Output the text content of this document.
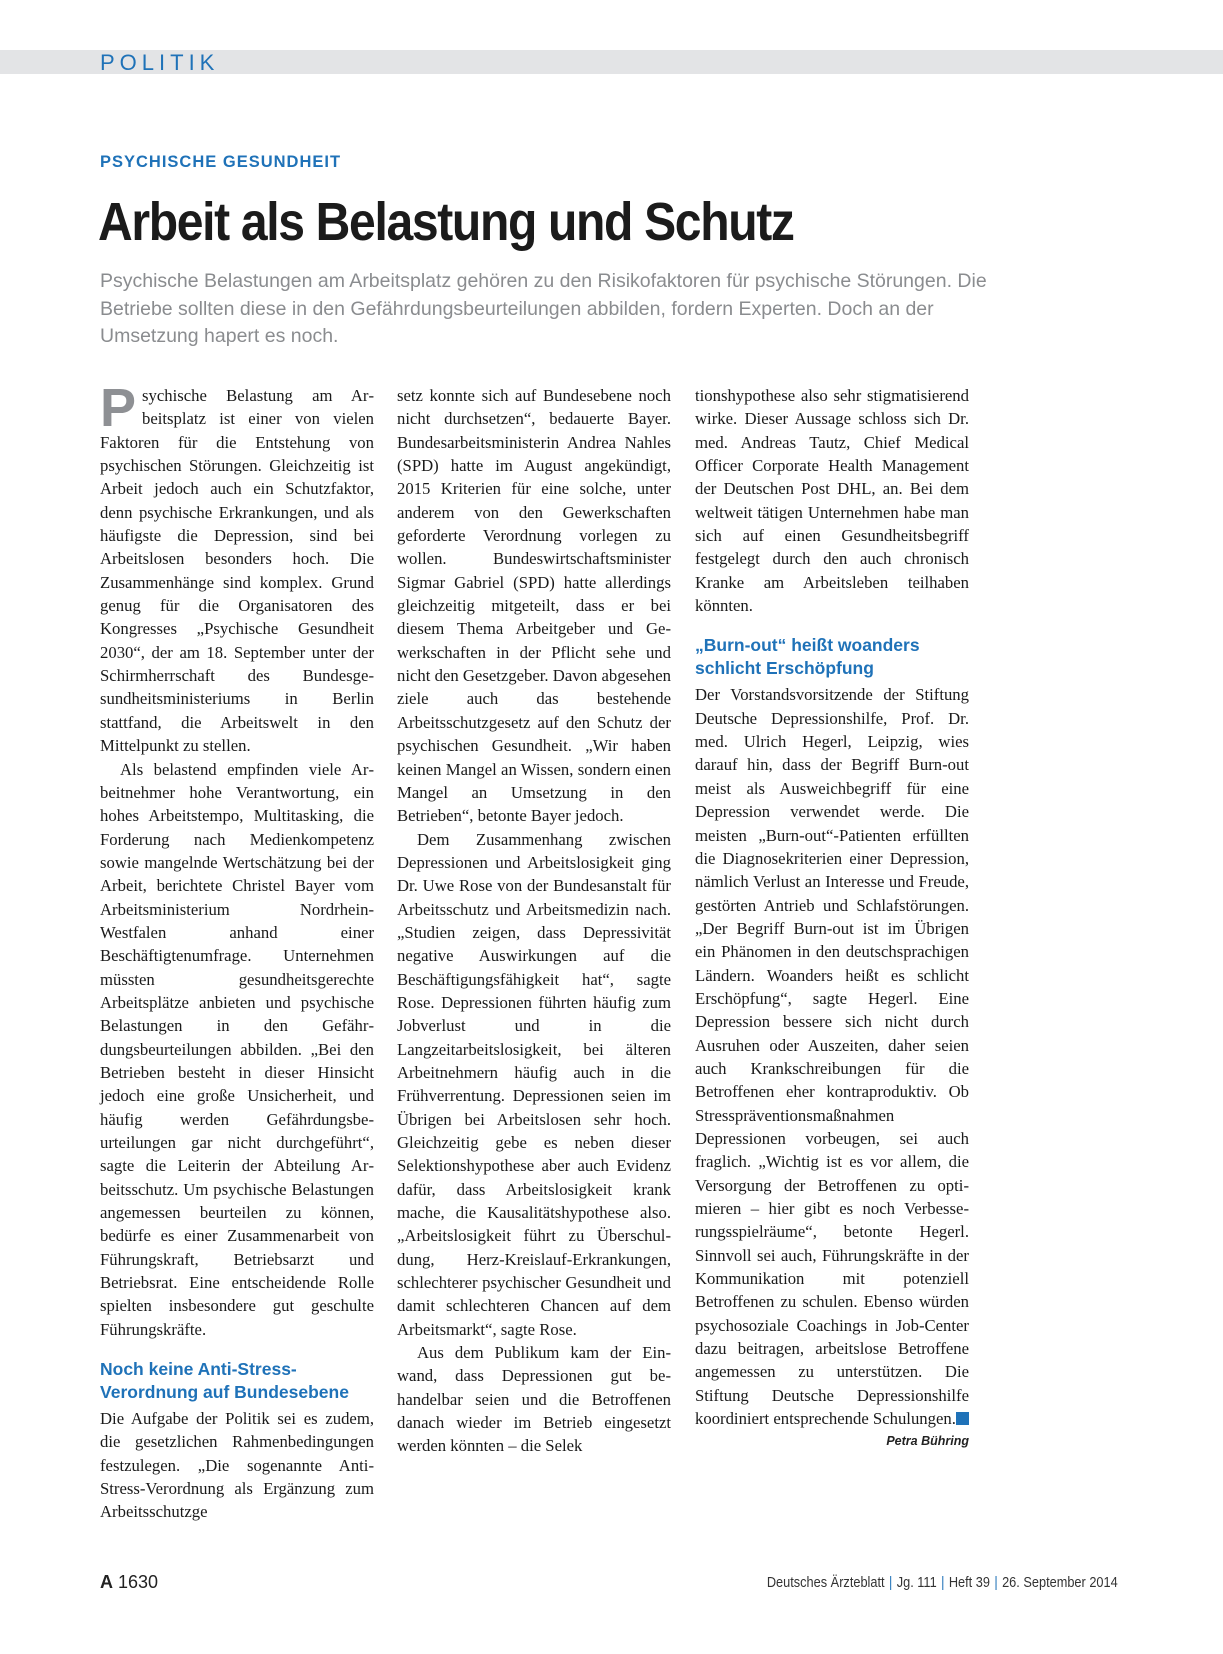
POLITIK
PSYCHISCHE GESUNDHEIT
Arbeit als Belastung und Schutz
Psychische Belastungen am Arbeitsplatz gehören zu den Risikofaktoren für psychische Störungen. Die Betriebe sollten diese in den Gefährdungsbeurteilungen abbilden, fordern Experten. Doch an der Umsetzung hapert es noch.

Psychische Belastung am Arbeitsplatz ist einer von vielen Faktoren für die Entstehung von psychischen Störungen. Gleichzeitig ist Arbeit jedoch auch ein Schutzfaktor, denn psychische Erkrankungen, und als häufigste die Depression, sind bei Arbeitslosen besonders hoch. Die Zusammenhänge sind komplex. Grund genug für die Organisatoren des Kongresses „Psychische Gesundheit 2030“, der am 18. September unter der Schirmherrschaft des Bundesgesundheitsministeriums in Berlin stattfand, die Arbeitswelt in den Mittelpunkt zu stellen.

Als belastend empfinden viele Arbeitnehmer hohe Verantwortung, ein hohes Arbeitstempo, Multitasking, die Forderung nach Medienkompetenz sowie mangelnde Wertschätzung bei der Arbeit, berichtete Christel Bayer vom Arbeitsministerium Nordrhein-Westfalen anhand einer Beschäftigtenumfrage. Unternehmen müssten gesundheitsgerechte Arbeitsplätze anbieten und psychische Belastungen in den Gefährdungsbeurteilungen abbilden. „Bei den Betrieben besteht in dieser Hinsicht jedoch eine große Unsicherheit, und häufig werden Gefährdungsbeurteilungen gar nicht durchgeführt“, sagte die Leiterin der Abteilung Arbeitsschutz. Um psychische Belastungen angemessen beurteilen zu können, bedürfe es einer Zusammenarbeit von Führungskraft, Betriebsarzt und Betriebsrat. Eine entscheidende Rolle spielten insbesondere gut geschulte Führungskräfte.

Noch keine Anti-Stress-Verordnung auf Bundesebene

Die Aufgabe der Politik sei es zudem, die gesetzlichen Rahmenbedingungen festzulegen. „Die sogenannte Anti-Stress-Verordnung als Ergänzung zum Arbeitsschutzge

setz konnte sich auf Bundesebene noch nicht durchsetzen“, bedauerte Bayer. Bundesarbeitsministerin Andrea Nahles (SPD) hatte im August angekündigt, 2015 Kriterien für eine solche, unter anderem von den Gewerkschaften geforderte Verordnung vorlegen zu wollen. Bundeswirtschaftsminister Sigmar Gabriel (SPD) hatte allerdings gleichzeitig mitgeteilt, dass er bei diesem Thema Arbeitgeber und Gewerkschaften in der Pflicht sehe und nicht den Gesetzgeber. Davon abgesehen ziele auch das bestehende Arbeitsschutzgesetz auf den Schutz der psychischen Gesundheit. „Wir haben keinen Mangel an Wissen, sondern einen Mangel an Umsetzung in den Betrieben“, betonte Bayer jedoch.

Dem Zusammenhang zwischen Depressionen und Arbeitslosigkeit ging Dr. Uwe Rose von der Bundesanstalt für Arbeitsschutz und Arbeitsmedizin nach. „Studien zeigen, dass Depressivität negative Auswirkungen auf die Beschäftigungsfähigkeit hat“, sagte Rose. Depressionen führten häufig zum Jobverlust und in die Langzeitarbeitslosigkeit, bei älteren Arbeitnehmern häufig auch in die Frühverrentung. Depressionen seien im Übrigen bei Arbeitslosen sehr hoch. Gleichzeitig gebe es neben dieser Selektionshypothese aber auch Evidenz dafür, dass Arbeitslosigkeit krank mache, die Kausalitätshypothese also. „Arbeitslosigkeit führt zu Überschuldung, Herz-Kreislauf-Erkrankungen, schlechterer psychischer Gesundheit und damit schlechteren Chancen auf dem Arbeitsmarkt“, sagte Rose.

Aus dem Publikum kam der Einwand, dass Depressionen gut behandelbar seien und die Betroffenen danach wieder im Betrieb eingesetzt werden könnten – die Selek

tionshypothese also sehr stigmatisierend wirke. Dieser Aussage schloss sich Dr. med. Andreas Tautz, Chief Medical Officer Corporate Health Management der Deutschen Post DHL, an. Bei dem weltweit tätigen Unternehmen habe man sich auf einen Gesundheitsbegriff festgelegt durch den auch chronisch Kranke am Arbeitsleben teilhaben könnten.

„Burn-out“ heißt woanders schlicht Erschöpfung

Der Vorstandsvorsitzende der Stiftung Deutsche Depressionshilfe, Prof. Dr. med. Ulrich Hegerl, Leipzig, wies darauf hin, dass der Begriff Burn-out meist als Ausweichbegriff für eine Depression verwendet werde. Die meisten „Burn-out“-Patienten erfüllten die Diagnosekriterien einer Depression, nämlich Verlust an Interesse und Freude, gestörten Antrieb und Schlafstörungen. „Der Begriff Burn-out ist im Übrigen ein Phänomen in den deutschsprachigen Ländern. Woanders heißt es schlicht Erschöpfung“, sagte Hegerl. Eine Depression bessere sich nicht durch Ausruhen oder Auszeiten, daher seien auch Krankschreibungen für die Betroffenen eher kontraproduktiv. Ob Stresspräventionsmaßnahmen Depressionen vorbeugen, sei auch fraglich. „Wichtig ist es vor allem, die Versorgung der Betroffenen zu optimieren – hier gibt es noch Verbesserungsspielräume“, betonte Hegerl. Sinnvoll sei auch, Führungskräfte in der Kommunikation mit potenziell Betroffenen zu schulen. Ebenso würden psychosoziale Coachings in Job-Center dazu beitragen, arbeitslose Betroffene angemessen zu unterstützen. Die Stiftung Deutsche Depressionshilfe koordiniert entsprechende Schulungen.

Petra Bühring
A 1630	Deutsches Ärzteblatt | Jg. 111 | Heft 39 | 26. September 2014
